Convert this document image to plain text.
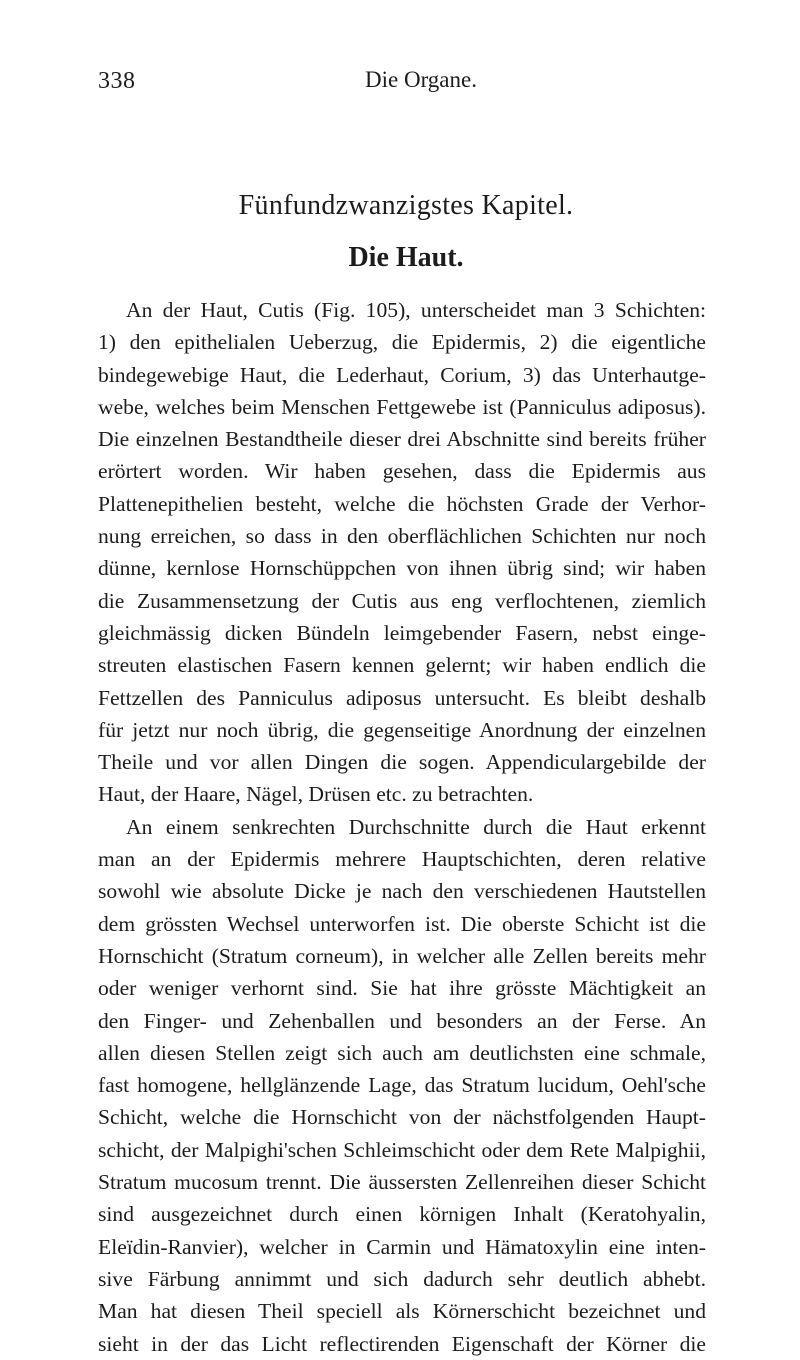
338	Die Organe.
Fünfundzwanzigstes Kapitel.
Die Haut.
An der Haut, Cutis (Fig. 105), unterscheidet man 3 Schichten:
1) den epithelialen Ueberzug, die Epidermis, 2) die eigentliche
bindegewebige Haut, die Lederhaut, Corium, 3) das Unterhautge-
webe, welches beim Menschen Fettgewebe ist (Panniculus adiposus).
Die einzelnen Bestandtheile dieser drei Abschnitte sind bereits früher
erörtert worden. Wir haben gesehen, dass die Epidermis aus
Plattenepithelien besteht, welche die höchsten Grade der Verhor-
nung erreichen, so dass in den oberflächlichen Schichten nur noch
dünne, kernlose Hornschüppchen von ihnen übrig sind; wir haben
die Zusammensetzung der Cutis aus eng verflochtenen, ziemlich
gleichmässig dicken Bündeln leimgebender Fasern, nebst einge-
streuten elastischen Fasern kennen gelernt; wir haben endlich die
Fettzellen des Panniculus adiposus untersucht. Es bleibt deshalb
für jetzt nur noch übrig, die gegenseitige Anordnung der einzelnen
Theile und vor allen Dingen die sogen. Appendiculargebilde der
Haut, der Haare, Nägel, Drüsen etc. zu betrachten.
An einem senkrechten Durchschnitte durch die Haut erkennt
man an der Epidermis mehrere Hauptschichten, deren relative
sowohl wie absolute Dicke je nach den verschiedenen Hautstellen
dem grössten Wechsel unterworfen ist. Die oberste Schicht ist die
Hornschicht (Stratum corneum), in welcher alle Zellen bereits mehr
oder weniger verhornt sind. Sie hat ihre grösste Mächtigkeit an
den Finger- und Zehenballen und besonders an der Ferse. An
allen diesen Stellen zeigt sich auch am deutlichsten eine schmale,
fast homogene, hellglänzende Lage, das Stratum lucidum, Oehl'sche
Schicht, welche die Hornschicht von der nächstfolgenden Haupt-
schicht, der Malpighi'schen Schleimschicht oder dem Rete Malpighii,
Stratum mucosum trennt. Die äussersten Zellenreihen dieser Schicht
sind ausgezeichnet durch einen körnigen Inhalt (Keratohyalin,
Eleïdin-Ranvier), welcher in Carmin und Hämatoxylin eine inten-
sive Färbung annimmt und sich dadurch sehr deutlich abhebt.
Man hat diesen Theil speciell als Körnerschicht bezeichnet und
sieht in der das Licht reflectirenden Eigenschaft der Körner die
